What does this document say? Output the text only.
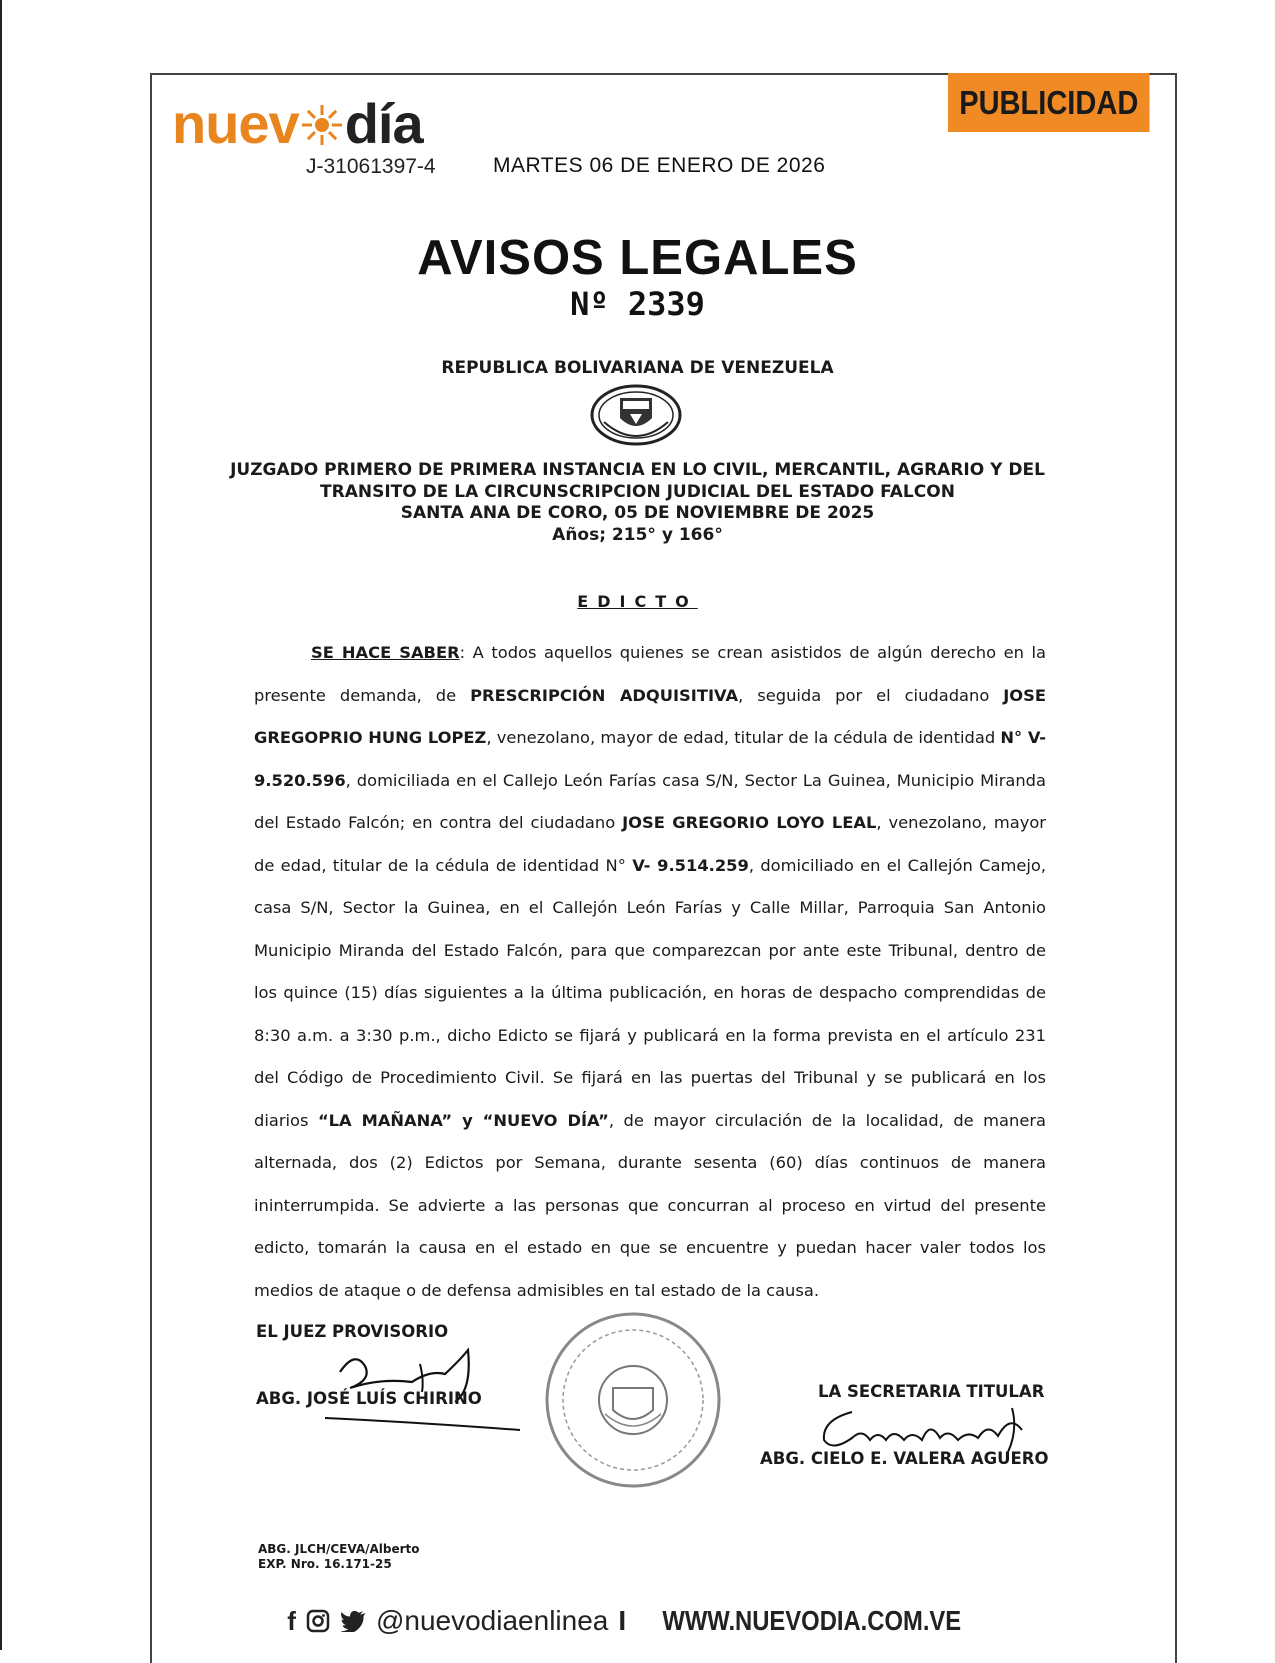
nuev día
J-31061397-4	MARTES 06 DE ENERO DE 2026
PUBLICIDAD
AVISOS LEGALES
Nº 2339
REPUBLICA BOLIVARIANA DE VENEZUELA
JUZGADO PRIMERO DE PRIMERA INSTANCIA EN LO CIVIL, MERCANTIL, AGRARIO Y DEL
TRANSITO DE LA CIRCUNSCRIPCION JUDICIAL DEL ESTADO FALCON
SANTA ANA DE CORO, 05 DE NOVIEMBRE DE 2025
Años; 215° y 166°
EDICTO

SE HACE SABER: A todos aquellos quienes se crean asistidos de algún derecho en la presente demanda, de PRESCRIPCIÓN ADQUISITIVA, seguida por el ciudadano JOSE GREGOPRIO HUNG LOPEZ, venezolano, mayor de edad, titular de la cédula de identidad N° V- 9.520.596, domiciliada en el Callejo León Farías casa S/N, Sector La Guinea, Municipio Miranda del Estado Falcón; en contra del ciudadano JOSE GREGORIO LOYO LEAL, venezolano, mayor de edad, titular de la cédula de identidad N° V- 9.514.259, domiciliado en el Callejón Camejo, casa S/N, Sector la Guinea, en el Callejón León Farías y Calle Millar, Parroquia San Antonio Municipio Miranda del Estado Falcón, para que comparezcan por ante este Tribunal, dentro de los quince (15) días siguientes a la última publicación, en horas de despacho comprendidas de 8:30 a.m. a 3:30 p.m., dicho Edicto se fijará y publicará en la forma prevista en el artículo 231 del Código de Procedimiento Civil. Se fijará en las puertas del Tribunal y se publicará en los diarios “LA MAÑANA” y “NUEVO DÍA”, de mayor circulación de la localidad, de manera alternada, dos (2) Edictos por Semana, durante sesenta (60) días continuos de manera ininterrumpida. Se advierte a las personas que concurran al proceso en virtud del presente edicto, tomarán la causa en el estado en que se encuentre y puedan hacer valer todos los medios de ataque o de defensa admisibles en tal estado de la causa.

EL JUEZ PROVISORIO
ABG. JOSÉ LUÍS CHIRINO	LA SECRETARIA TITULAR
ABG. CIELO E. VALERA AGUERO
ABG. JLCH/CEVA/Alberto
EXP. Nro. 16.171-25
f	@nuevodiaenlinea I WWW.NUEVODIA.COM.VE
